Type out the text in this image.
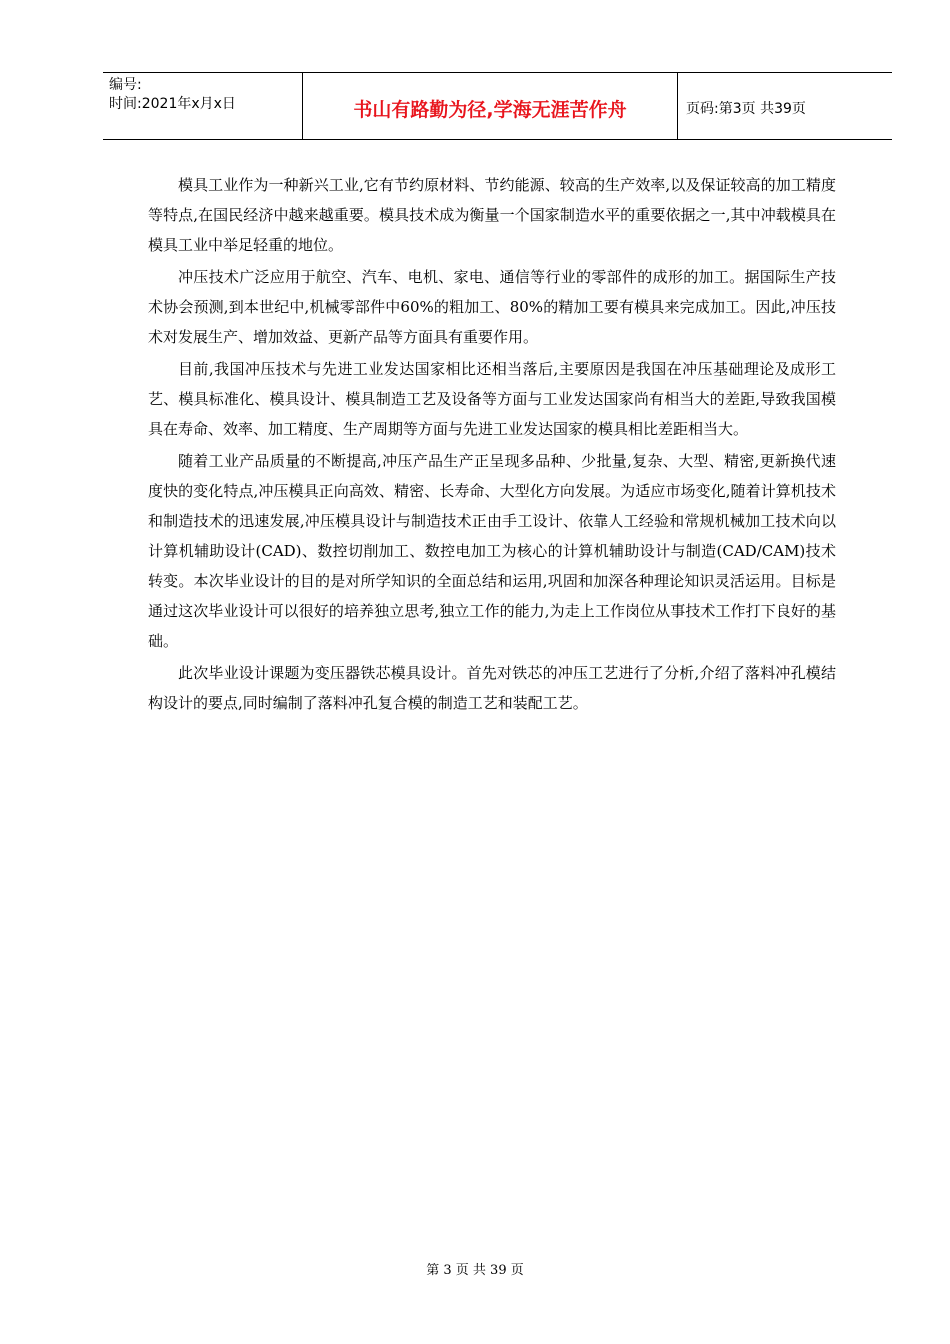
编号:
时间:2021年x月x日	书山有路勤为径,学海无涯苦作舟	页码:第3页 共39页

模具工业作为一种新兴工业,它有节约原材料、节约能源、较高的生产效率,以及保证较高的加工精度等特点,在国民经济中越来越重要。模具技术成为衡量一个国家制造水平的重要依据之一,其中冲载模具在模具工业中举足轻重的地位。

冲压技术广泛应用于航空、汽车、电机、家电、通信等行业的零部件的成形的加工。据国际生产技术协会预测,到本世纪中,机械零部件中60%的粗加工、80%的精加工要有模具来完成加工。因此,冲压技术对发展生产、增加效益、更新产品等方面具有重要作用。

目前,我国冲压技术与先进工业发达国家相比还相当落后,主要原因是我国在冲压基础理论及成形工艺、模具标准化、模具设计、模具制造工艺及设备等方面与工业发达国家尚有相当大的差距,导致我国模具在寿命、效率、加工精度、生产周期等方面与先进工业发达国家的模具相比差距相当大。

随着工业产品质量的不断提高,冲压产品生产正呈现多品种、少批量,复杂、大型、精密,更新换代速度快的变化特点,冲压模具正向高效、精密、长寿命、大型化方向发展。为适应市场变化,随着计算机技术和制造技术的迅速发展,冲压模具设计与制造技术正由手工设计、依靠人工经验和常规机械加工技术向以计算机辅助设计(CAD)、数控切削加工、数控电加工为核心的计算机辅助设计与制造(CAD/CAM)技术转变。本次毕业设计的目的是对所学知识的全面总结和运用,巩固和加深各种理论知识灵活运用。目标是通过这次毕业设计可以很好的培养独立思考,独立工作的能力,为走上工作岗位从事技术工作打下良好的基础。

此次毕业设计课题为变压器铁芯模具设计。首先对铁芯的冲压工艺进行了分析,介绍了落料冲孔模结构设计的要点,同时编制了落料冲孔复合模的制造工艺和装配工艺。

第 3 页 共 39 页
